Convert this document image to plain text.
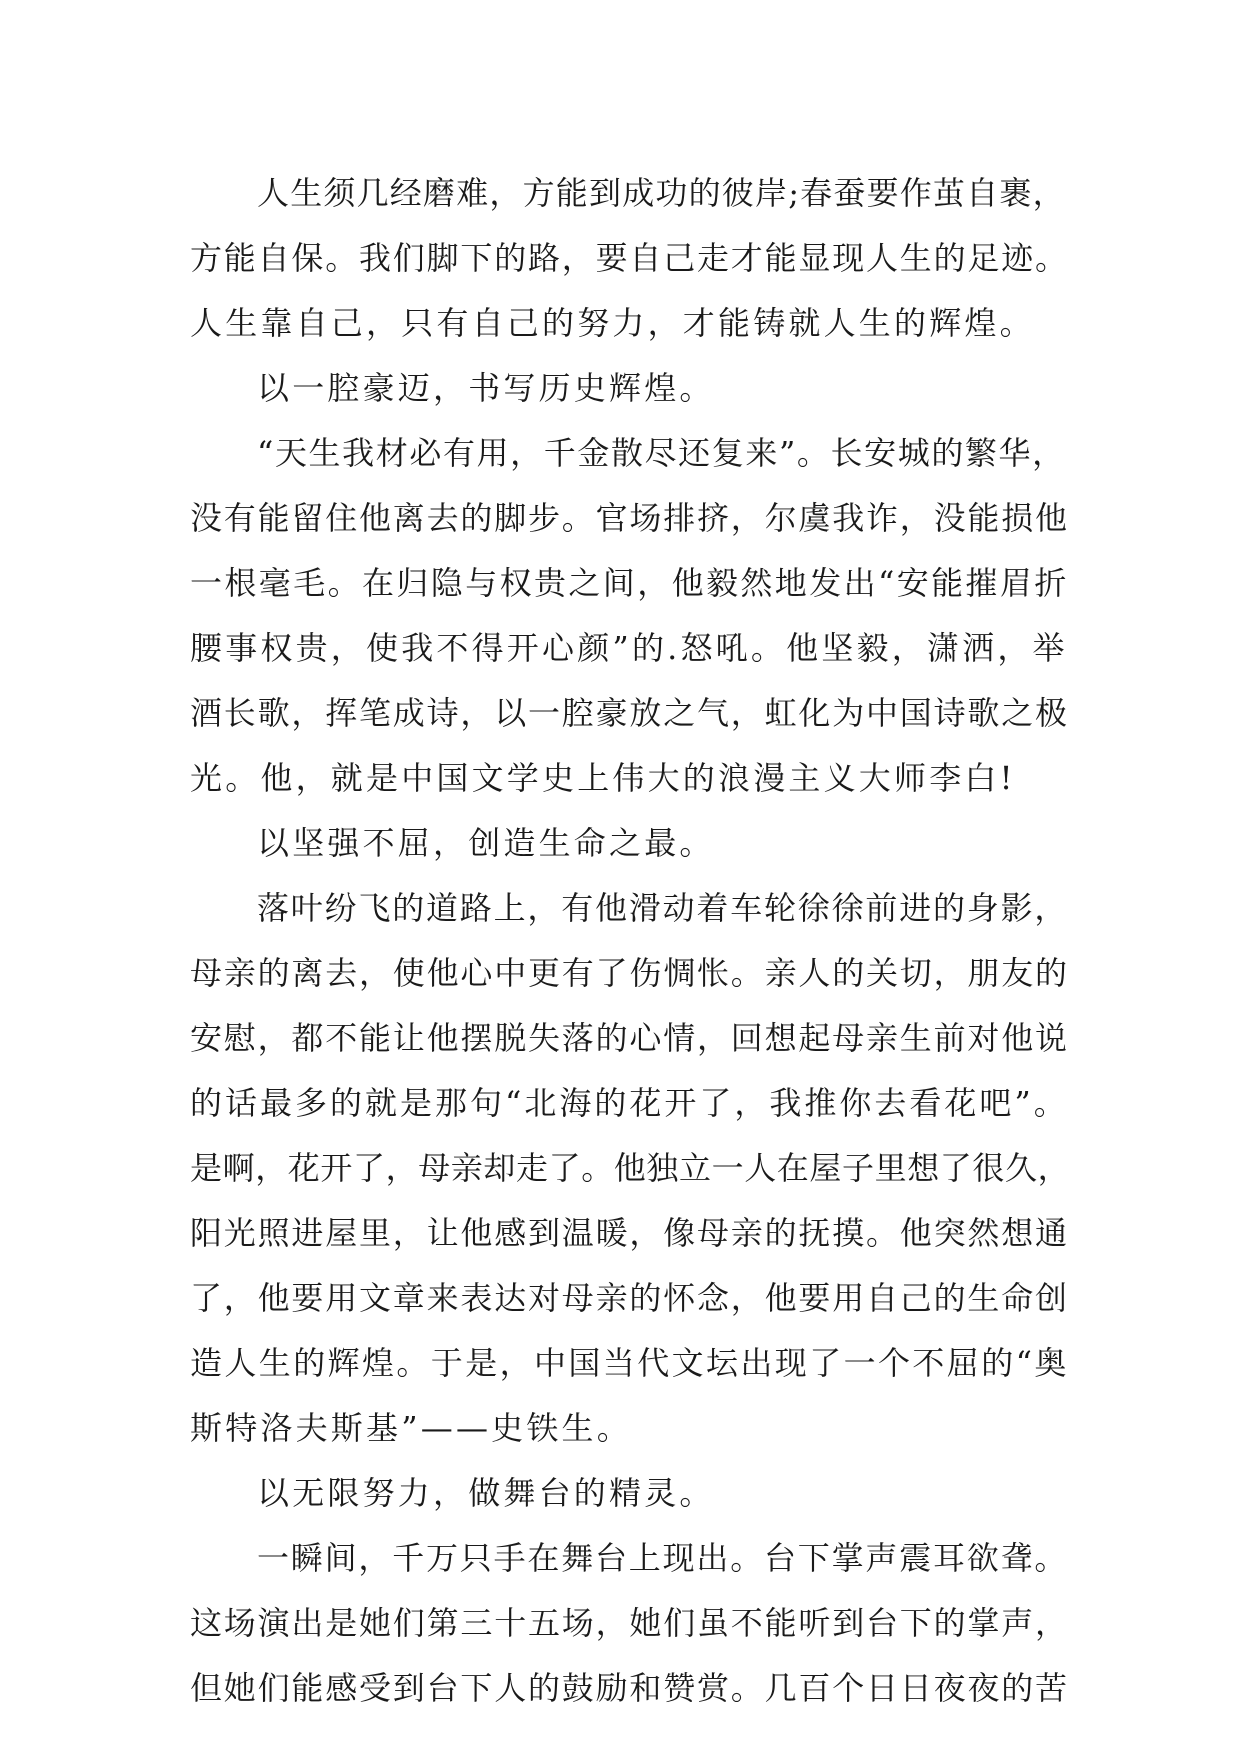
人生须几经磨难，方能到成功的彼岸;春蚕要作茧自裹，
方能自保。我们脚下的路，要自己走才能显现人生的足迹。
人生靠自己，只有自己的努力，才能铸就人生的辉煌。
以一腔豪迈，书写历史辉煌。
“天生我材必有用，千金散尽还复来”。长安城的繁华，
没有能留住他离去的脚步。官场排挤，尔虞我诈，没能损他
一根毫毛。在归隐与权贵之间，他毅然地发出“安能摧眉折
腰事权贵，使我不得开心颜”的.怒吼。他坚毅，潇洒，举
酒长歌，挥笔成诗，以一腔豪放之气，虹化为中国诗歌之极
光。他，就是中国文学史上伟大的浪漫主义大师李白!
以坚强不屈，创造生命之最。
落叶纷飞的道路上，有他滑动着车轮徐徐前进的身影，
母亲的离去，使他心中更有了伤惆怅。亲人的关切，朋友的
安慰，都不能让他摆脱失落的心情，回想起母亲生前对他说
的话最多的就是那句“北海的花开了，我推你去看花吧”。
是啊，花开了，母亲却走了。他独立一人在屋子里想了很久，
阳光照进屋里，让他感到温暖，像母亲的抚摸。他突然想通
了，他要用文章来表达对母亲的怀念，他要用自己的生命创
造人生的辉煌。于是，中国当代文坛出现了一个不屈的“奥
斯特洛夫斯基”——史铁生。
以无限努力，做舞台的精灵。
一瞬间，千万只手在舞台上现出。台下掌声震耳欲聋。
这场演出是她们第三十五场，她们虽不能听到台下的掌声，
但她们能感受到台下人的鼓励和赞赏。几百个日日夜夜的苦
